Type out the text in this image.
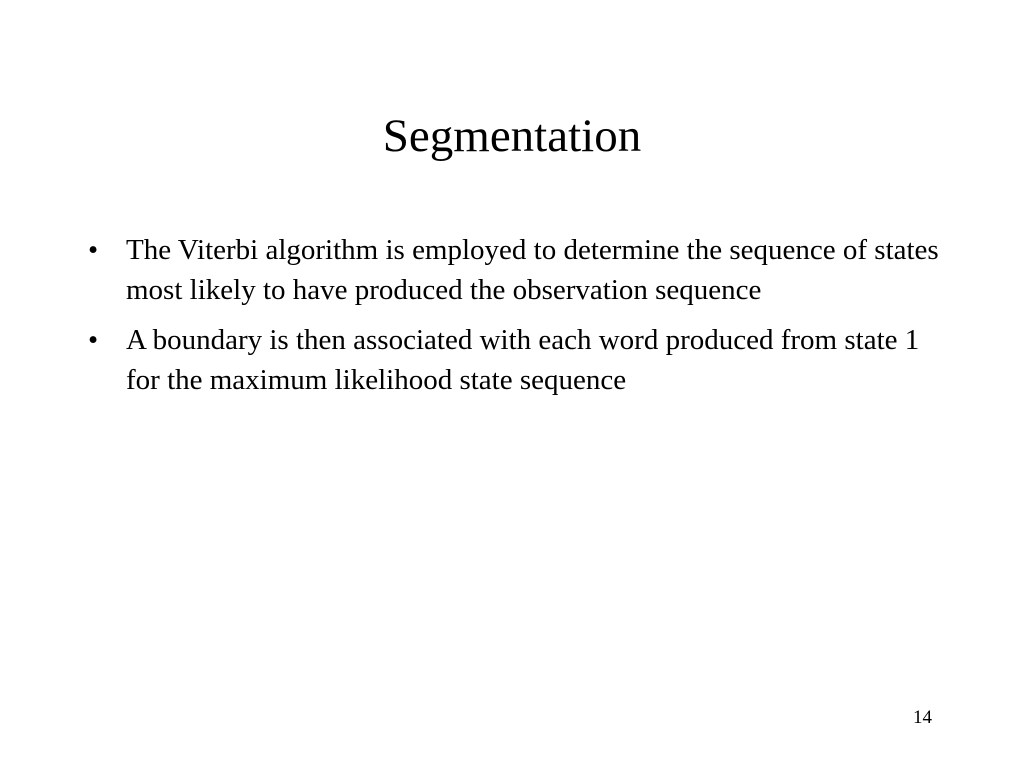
Segmentation
• The Viterbi algorithm is employed to determine the sequence of states most likely to have produced the observation sequence
• A boundary is then associated with each word produced from state 1 for the maximum likelihood state sequence
14
